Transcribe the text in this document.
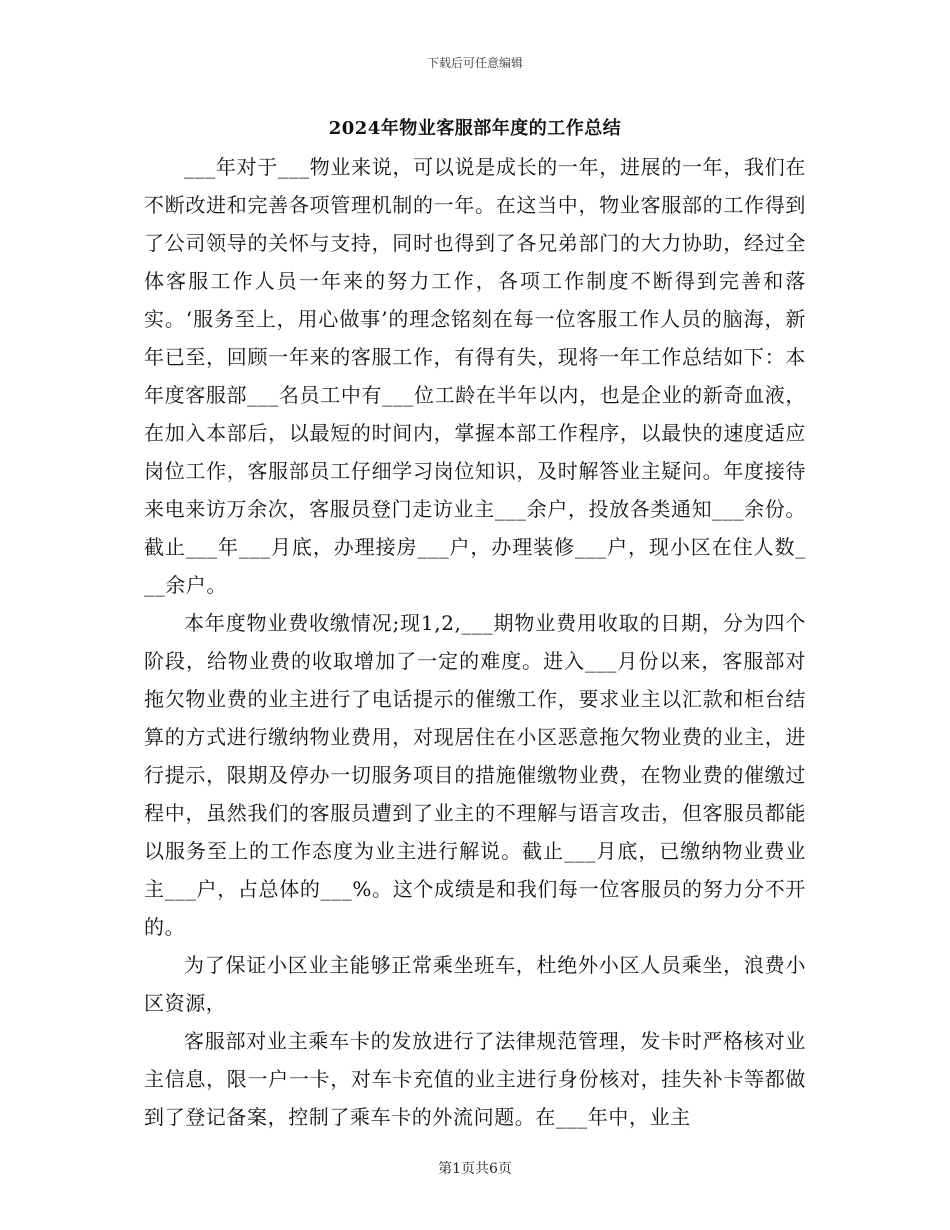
下载后可任意编辑

2024年物业客服部年度的工作总结

___年对于___物业来说，可以说是成长的一年，进展的一年，我们在不断改进和完善各项管理机制的一年。在这当中，物业客服部的工作得到了公司领导的关怀与支持，同时也得到了各兄弟部门的大力协助，经过全体客服工作人员一年来的努力工作，各项工作制度不断得到完善和落实。‘服务至上，用心做事’的理念铭刻在每一位客服工作人员的脑海，新年已至，回顾一年来的客服工作，有得有失，现将一年工作总结如下：本年度客服部___名员工中有___位工龄在半年以内，也是企业的新奇血液，在加入本部后，以最短的时间内，掌握本部工作程序，以最快的速度适应岗位工作，客服部员工仔细学习岗位知识，及时解答业主疑问。年度接待来电来访万余次，客服员登门走访业主___余户，投放各类通知___余份。截止___年___月底，办理接房___户，办理装修___户，现小区在住人数___余户。

本年度物业费收缴情况;现1,2,___期物业费用收取的日期，分为四个阶段，给物业费的收取增加了一定的难度。进入___月份以来，客服部对拖欠物业费的业主进行了电话提示的催缴工作，要求业主以汇款和柜台结算的方式进行缴纳物业费用，对现居住在小区恶意拖欠物业费的业主，进行提示，限期及停办一切服务项目的措施催缴物业费，在物业费的催缴过程中，虽然我们的客服员遭到了业主的不理解与语言攻击，但客服员都能以服务至上的工作态度为业主进行解说。截止___月底，已缴纳物业费业主___户，占总体的___%。这个成绩是和我们每一位客服员的努力分不开的。

为了保证小区业主能够正常乘坐班车，杜绝外小区人员乘坐，浪费小区资源，

客服部对业主乘车卡的发放进行了法律规范管理，发卡时严格核对业主信息，限一户一卡，对车卡充值的业主进行身份核对，挂失补卡等都做到了登记备案，控制了乘车卡的外流问题。在___年中，业主

第1页共6页
